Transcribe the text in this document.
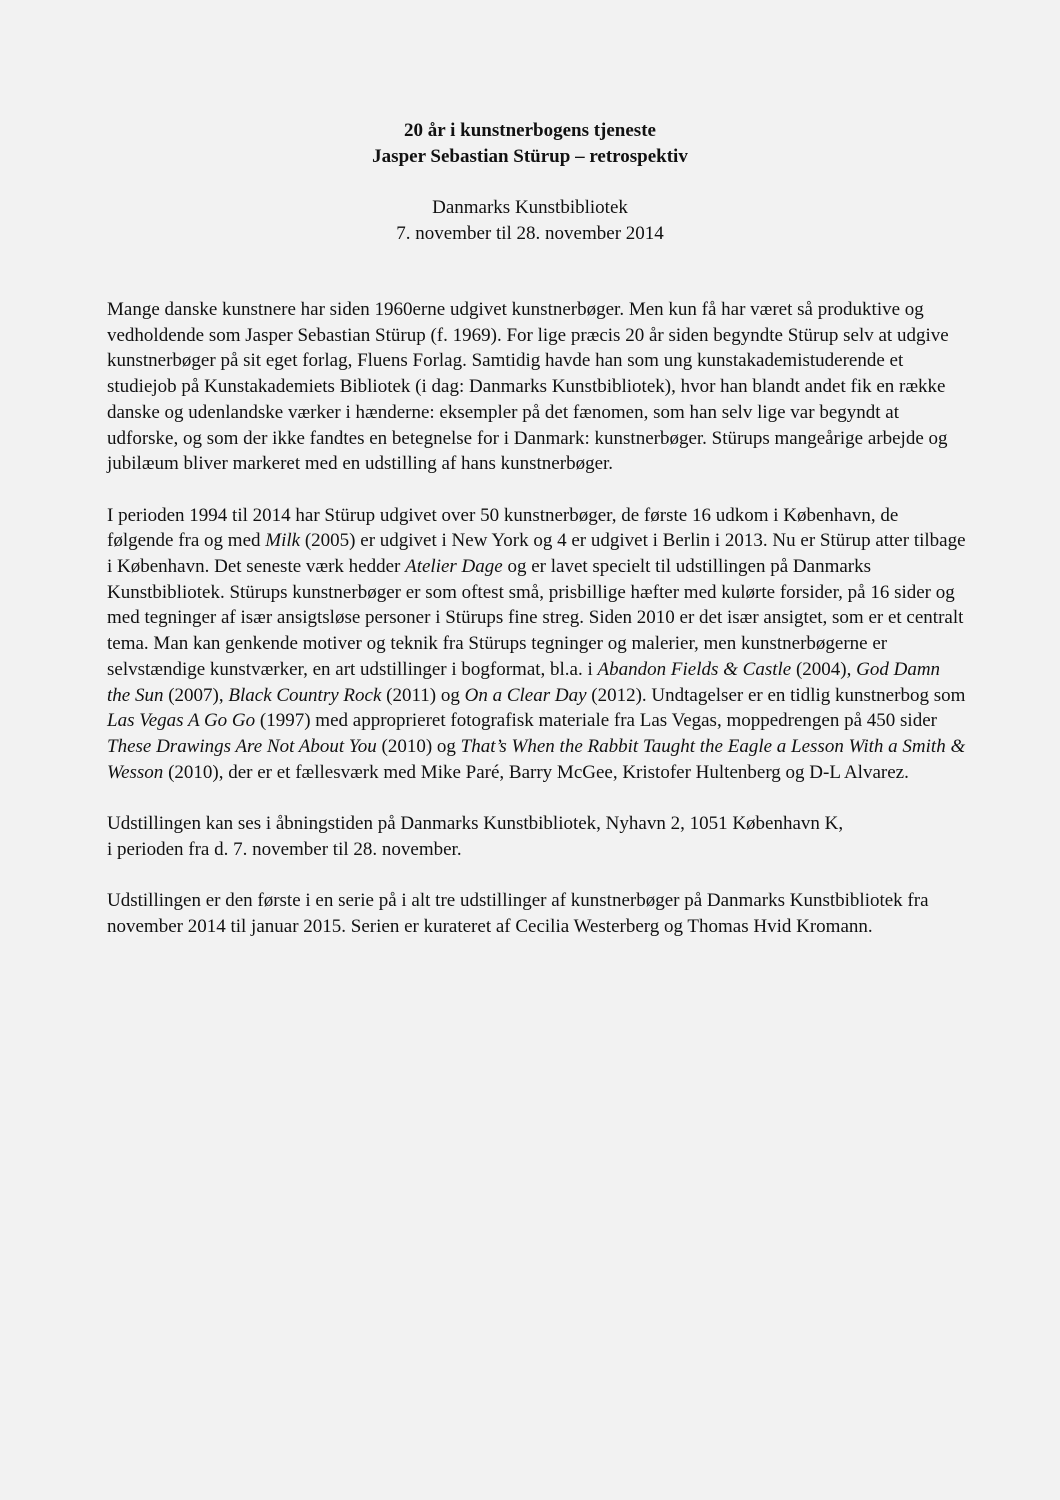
20 år i kunstnerbogens tjeneste
Jasper Sebastian Stürup – retrospektiv
Danmarks Kunstbibliotek
7. november til 28. november 2014

Mange danske kunstnere har siden 1960erne udgivet kunstnerbøger. Men kun få har været så produktive og vedholdende som Jasper Sebastian Stürup (f. 1969). For lige præcis 20 år siden begyndte Stürup selv at udgive kunstnerbøger på sit eget forlag, Fluens Forlag. Samtidig havde han som ung kunstakademistuderende et studiejob på Kunstakademiets Bibliotek (i dag: Danmarks Kunstbibliotek), hvor han blandt andet fik en række danske og udenlandske værker i hænderne: eksempler på det fænomen, som han selv lige var begyndt at udforske, og som der ikke fandtes en betegnelse for i Danmark: kunstnerbøger. Stürups mangeårige arbejde og jubilæum bliver markeret med en udstilling af hans kunstnerbøger.

I perioden 1994 til 2014 har Stürup udgivet over 50 kunstnerbøger, de første 16 udkom i København, de følgende fra og med Milk (2005) er udgivet i New York og 4 er udgivet i Berlin i 2013. Nu er Stürup atter tilbage i København. Det seneste værk hedder Atelier Dage og er lavet specielt til udstillingen på Danmarks Kunstbibliotek. Stürups kunstnerbøger er som oftest små, prisbillige hæfter med kulørte forsider, på 16 sider og med tegninger af især ansigtsløse personer i Stürups fine streg. Siden 2010 er det især ansigtet, som er et centralt tema. Man kan genkende motiver og teknik fra Stürups tegninger og malerier, men kunstnerbøgerne er selvstændige kunstværker, en art udstillinger i bogformat, bl.a. i Abandon Fields & Castle (2004), God Damn the Sun (2007), Black Country Rock (2011) og On a Clear Day (2012). Undtagelser er en tidlig kunstnerbog som Las Vegas A Go Go (1997) med approprieret fotografisk materiale fra Las Vegas, moppedrengen på 450 sider These Drawings Are Not About You (2010) og That’s When the Rabbit Taught the Eagle a Lesson With a Smith & Wesson (2010), der er et fællesværk med Mike Paré, Barry McGee, Kristofer Hultenberg og D-L Alvarez.

Udstillingen kan ses i åbningstiden på Danmarks Kunstbibliotek, Nyhavn 2, 1051 København K,
i perioden fra d. 7. november til 28. november.

Udstillingen er den første i en serie på i alt tre udstillinger af kunstnerbøger på Danmarks Kunstbibliotek fra november 2014 til januar 2015. Serien er kurateret af Cecilia Westerberg og Thomas Hvid Kromann.
